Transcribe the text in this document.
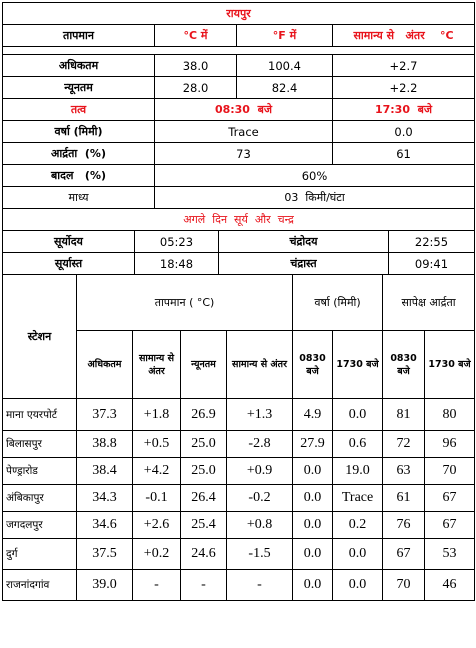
रायपुर			
तापमान	°C में	°F में	सामान्य से   अंतर    °C

अधिकतम	38.0	100.4	+2.7
न्यूनतम	28.0	82.4	+2.2
तत्व	08:30  बजे		17:30  बजे
वर्षा (मिमी)	Trace		0.0
आर्द्रता  (%)	73		61
बादल   (%)	60%		
माध्य	03  किमी/घंटा		
अगले  दिन  सूर्य  और  चन्द्र			
सूर्योदय	05:23	चंद्रोदय	22:55
सूर्यास्त	18:48	चंद्रास्त	09:41
स्टेशन	तापमान ( °C)				वर्षा (मिमी)		सापेक्ष आर्द्रता	
	अधिकतम	सामान्य से अंतर	न्यूनतम	सामान्य से अंतर	0830 बजे	1730 बजे	0830 बजे	1730 बजे
माना एयरपोर्ट	37.3	+1.8	26.9	+1.3	4.9	0.0	81	80
बिलासपुर	38.8	+0.5	25.0	-2.8	27.9	0.6	72	96
पेण्ड्रारोड	38.4	+4.2	25.0	+0.9	0.0	19.0	63	70
अंबिकापुर	34.3	-0.1	26.4	-0.2	0.0	Trace	61	67
जगदलपुर	34.6	+2.6	25.4	+0.8	0.0	0.2	76	67
दुर्ग	37.5	+0.2	24.6	-1.5	0.0	0.0	67	53
राजनांदगांव	39.0	-	-	-	0.0	0.0	70	46
